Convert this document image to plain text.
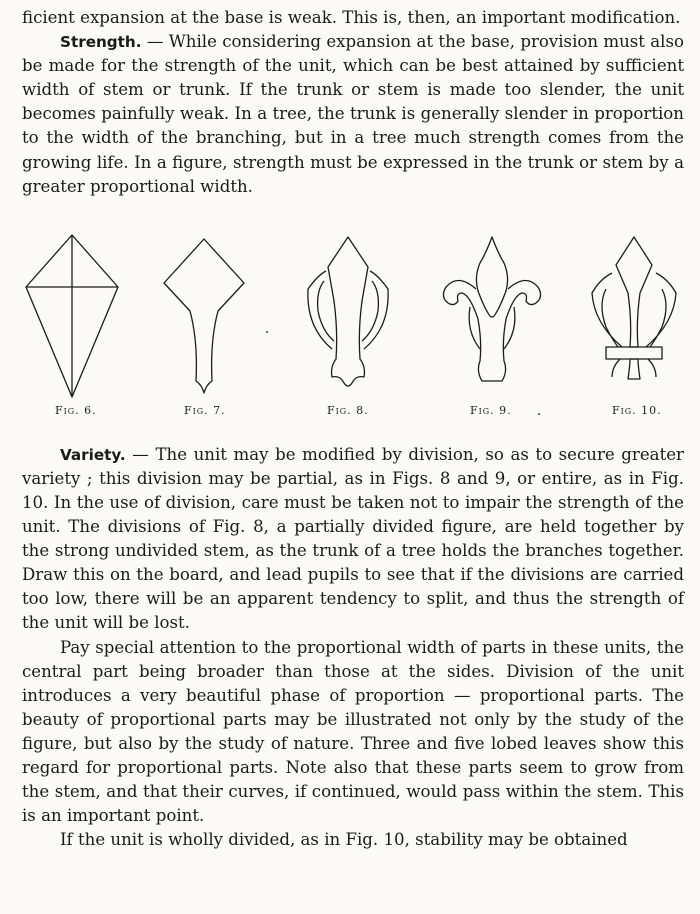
ficient expansion at the base is weak. This is, then, an important modification.

Strength. — While considering expansion at the base, provision must also be made for the strength of the unit, which can be best attained by sufficient width of stem or trunk. If the trunk or stem is made too slender, the unit becomes painfully weak. In a tree, the trunk is generally slender in proportion to the width of the branching, but in a tree much strength comes from the growing life. In a figure, strength must be expressed in the trunk or stem by a greater proportional width.

Fig. 6.	Fig. 7.	Fig. 8.	Fig. 9.	Fig. 10.

Variety. — The unit may be modified by division, so as to secure greater variety ; this division may be partial, as in Figs. 8 and 9, or entire, as in Fig. 10. In the use of division, care must be taken not to impair the strength of the unit. The divisions of Fig. 8, a partially divided figure, are held together by the strong undivided stem, as the trunk of a tree holds the branches together. Draw this on the board, and lead pupils to see that if the divisions are carried too low, there will be an apparent tendency to split, and thus the strength of the unit will be lost.

Pay special attention to the proportional width of parts in these units, the central part being broader than those at the sides. Division of the unit introduces a very beautiful phase of proportion — proportional parts. The beauty of proportional parts may be illustrated not only by the study of the figure, but also by the study of nature. Three and five lobed leaves show this regard for proportional parts. Note also that these parts seem to grow from the stem, and that their curves, if continued, would pass within the stem. This is an important point.

If the unit is wholly divided, as in Fig. 10, stability may be obtained
